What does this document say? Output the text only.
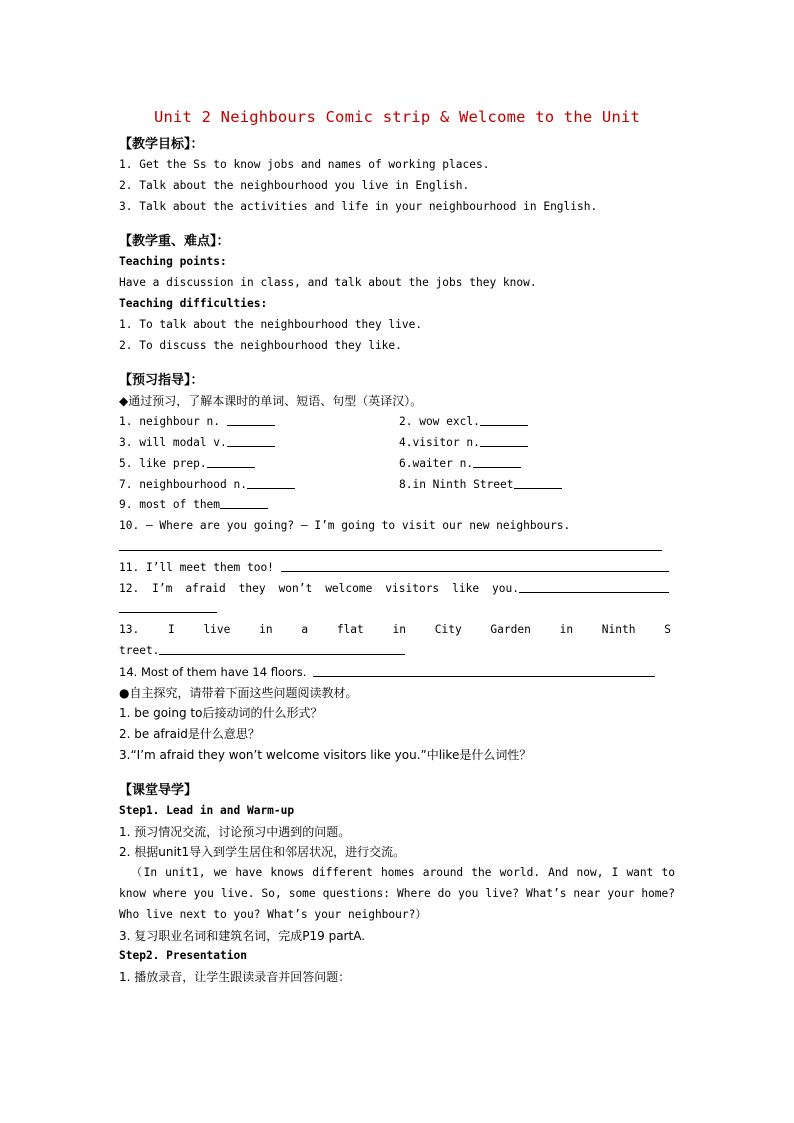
Unit 2 Neighbours Comic strip & Welcome to the Unit
【教学目标】：
1. Get the Ss to know jobs and names of working places.
2. Talk about the neighbourhood you live in English.
3. Talk about the activities and life in your neighbourhood in English.
【教学重、难点】：
Teaching points:
Have a discussion in class, and talk about the jobs they know.
Teaching difficulties:
1. To talk about the neighbourhood they live.
2. To discuss the neighbourhood they like.
【预习指导】：
◆通过预习，了解本课时的单词、短语、句型（英译汉）。
1. neighbour n.	2. wow excl.
3. will modal v.	4.visitor n.
5. like prep.	6.waiter n.
7. neighbourhood n.	8.in Ninth Street
9. most of them
10. – Where are you going? – I’m going to visit our new neighbours.
11. I’ll meet them too!
12. I’m afraid they won’t welcome visitors like you.
13.	I	live	in	a	flat	in	City	Garden	in	Ninth	S
treet.
14. Most of them have 14 floors.
●自主探究，请带着下面这些问题阅读教材。
1. be going to后接动词的什么形式？
2. be afraid是什么意思？
3.“I’m afraid they won’t welcome visitors like you.”中like是什么词性？
【课堂导学】
Step1. Lead in and Warm-up
1. 预习情况交流，讨论预习中遇到的问题。
2. 根据unit1导入到学生居住和邻居状况，进行交流。
（In unit1, we have knows different homes around the world. And now, I want to know where you live. So, some questions: Where do you live? What’s near your home? Who live next to you? What’s your neighbour?）
3. 复习职业名词和建筑名词，完成P19 partA.
Step2. Presentation
1. 播放录音，让学生跟读录音并回答问题：
